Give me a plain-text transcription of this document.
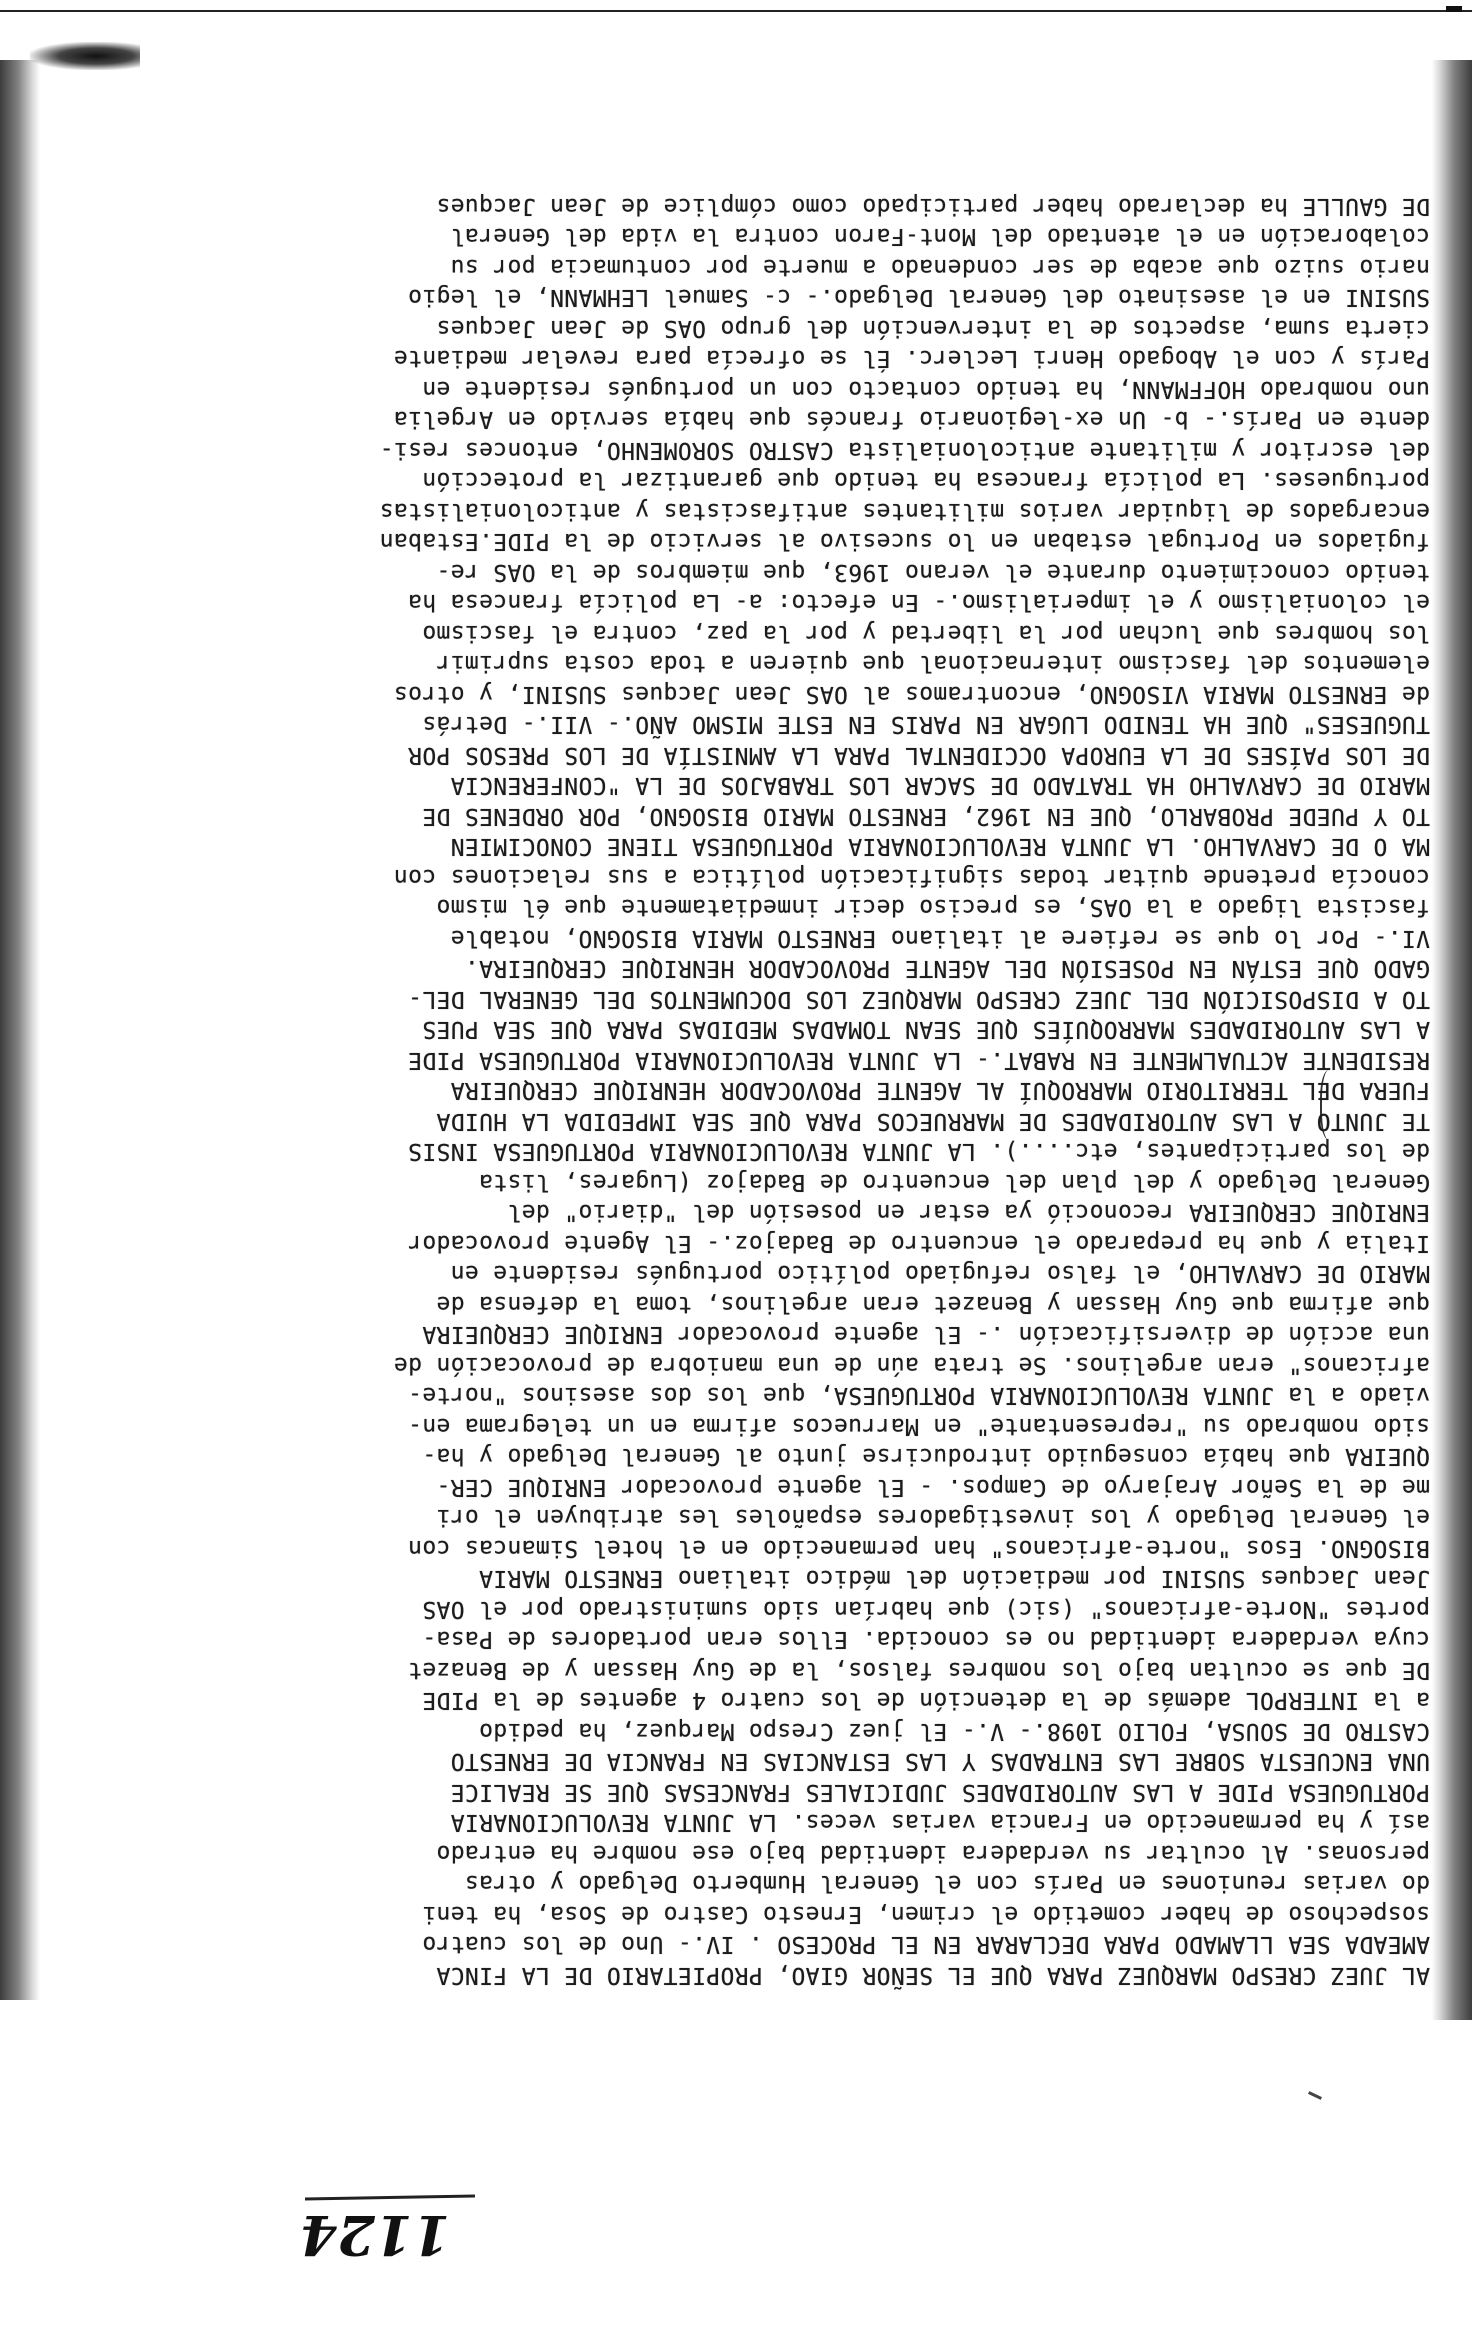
AL JUEZ CRESPO MARQUEZ PARA QUE EL SEÑOR GIAO, PROPIETARIO DE LA FINCA
AMEADA SEA LLAMADO PARA DECLARAR EN EL PROCESO . IV.- Uno de los cuatro
sospechoso de haber cometido el crimen, Ernesto Castro de Sosa, ha teni
do varias reuniones en París con el General Humberto Delgado y otras
personas. Al ocultar su verdadera identidad bajo ese nombre ha entrado
así y ha permanecido en Francia varias veces. LA JUNTA REVOLUCIONARIA
PORTUGUESA PIDE A LAS AUTORIDADES JUDICIALES FRANCESAS QUE SE REALICE
UNA ENCUESTA SOBRE LAS ENTRADAS Y LAS ESTANCIAS EN FRANCIA DE ERNESTO
CASTRO DE SOUSA, FOLIO 1098.- V.- El juez Crespo Marquez, ha pedido
a la INTERPOL además de la detención de los cuatro 4 agentes de la PIDE
DE que se ocultan bajo los nombres falsos, la de Guy Hassan y de Benazet
cuya verdadera identidad no es conocida. Ellos eran portadores de Pasa-
portes "Norte-africanos" (sic) que habrían sido suministrado por el OAS
Jean Jacques SUSINI por mediación del médico italiano ERNESTO MARIA
BISOGNO. Esos "norte-africanos" han permanecido en el hotel Simancas con
el General Delgado y los investigadores españoles les atribuyen el ori
me de la Señor Arajaryo de Campos. - El agente provocador ENRIQUE CER-
QUEIRA que había conseguido introducirse junto al General Delgado y ha-
sido nombrado su "representante" en Marruecos afirma en un telegrama en-
viado a la JUNTA REVOLUCIONARIA PORTUGUESA, que los dos asesinos "norte-
africanos" eran argelinos. Se trata aún de una maniobra de provocación de
una acción de diversificación .- El agente provocador ENRIQUE CERQUEIRA
que afirma que Guy Hassan y Benazet eran argelinos, toma la defensa de
MARIO DE CARVALHO, el falso refugiado político portugués residente en
Italia y que ha preparado el encuentro de Badajoz.- El Agente provocador
ENRIQUE CERQUEIRA reconoció ya estar en posesión del "diario" del
General Delgado y del plan del encuentro de Badajoz (Lugares, lista
de los participantes, etc....). LA JUNTA REVOLUCIONARIA PORTUGUESA INSIS
TE JUNTO A LAS AUTORIDADES DE MARRUECOS PARA QUE SEA IMPEDIDA LA HUIDA
FUERA DEL TERRITORIO MARROQUÍ AL AGENTE PROVOCADOR HENRIQUE CERQUEIRA
RESIDENTE ACTUALMENTE EN RABAT.- LA JUNTA REVOLUCIONARIA PORTUGUESA PIDE
A LAS AUTORIDADES MARROQUÍES QUE SEAN TOMADAS MEDIDAS PARA QUE SEA PUES
TO A DISPOSICIÓN DEL JUEZ CRESPO MARQUEZ LOS DOCUMENTOS DEL GENERAL DEL-
GADO QUE ESTÁN EN POSESIÓN DEL AGENTE PROVOCADOR HENRIQUE CERQUEIRA.
VI.- Por lo que se refiere al italiano ERNESTO MARIA BISOGNO, notable
fascista ligado a la OAS, es preciso decir inmediatamente que él mismo
conocía pretende quitar todas significación política a sus relaciones con
MA O DE CARVALHO. LA JUNTA REVOLUCIONARIA PORTUGUESA TIENE CONOCIMIEN
TO Y PUEDE PROBARLO, QUE EN 1962, ERNESTO MARIO BISOGNO, POR ORDENES DE
MARIO DE CARVALHO HA TRATADO DE SACAR LOS TRABAJOS DE LA "CONFERENCIA
DE LOS PAÍSES DE LA EUROPA OCCIDENTAL PARA LA AMNISTÍA DE LOS PRESOS POR
TUGUESES" QUE HA TENIDO LUGAR EN PARIS EN ESTE MISMO AÑO.- VII.- Detrás
de ERNESTO MARIA VISOGNO, encontramos al OAS Jean Jacques SUSINI, y otros
elementos del fascismo internacional que quieren a toda costa suprimir
los hombres que luchan por la libertad y por la paz, contra el fascismo
el colonialismo y el imperialismo.- En efecto: a- La policía francesa ha
tenido conocimiento durante el verano 1963, que miembros de la OAS re-
fugiados en Portugal estaban en lo sucesivo al servicio de la PIDE.Estaban
encargados de liquidar varios militantes antifascistas y anticolonialistas
portugueses. La policía francesa ha tenido que garantizar la protección
del escritor y militante anticolonialista CASTRO SOROMENHO, entonces resi-
dente en París.- b- Un ex-legionario francés que había servido en Argelia
uno nombrado HOFFMANN, ha tenido contacto con un portugués residente en
París y con el Abogado Henri Leclerc. Él se ofrecía para revelar mediante
cierta suma, aspectos de la intervención del grupo OAS de Jean Jacques
SUSINI en el asesinato del General Delgado.- c- Samuel LEHMANN, el legio
nario suizo que acaba de ser condenado a muerte por contumacia por su
colaboración en el atentado del Mont-Faron contra la vida del General
DE GAULLE ha declarado haber participado como cómplice de Jean Jacques
1124
